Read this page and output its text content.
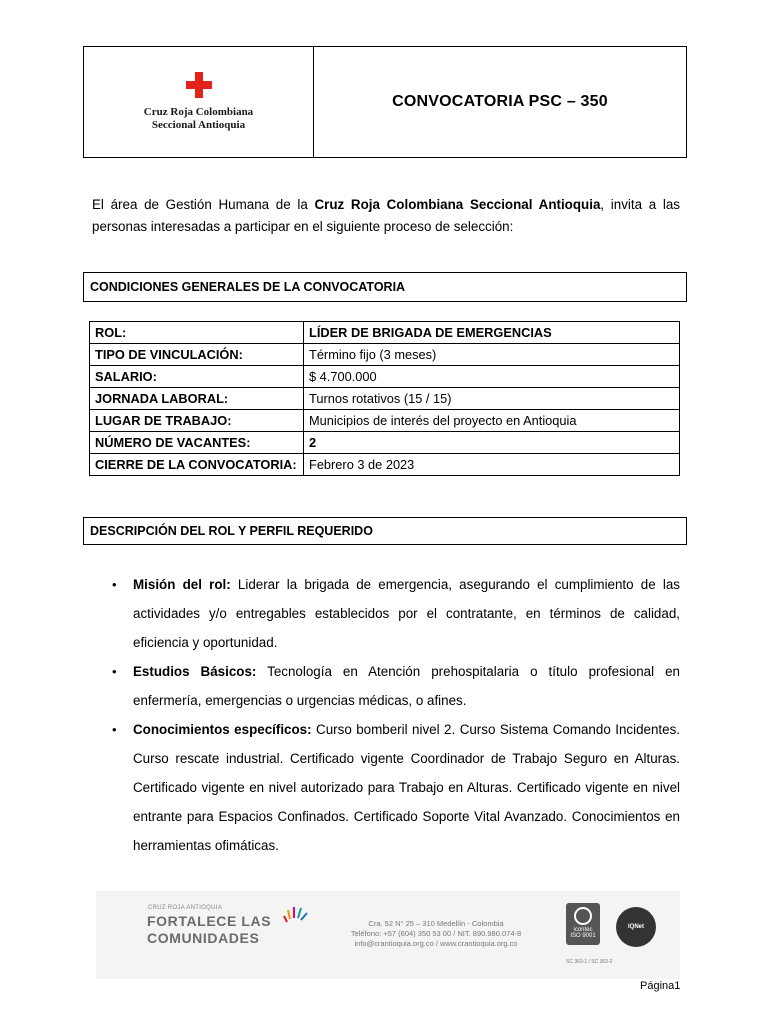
Cruz Roja Colombiana
Seccional Antioquia
CONVOCATORIA PSC – 350
El área de Gestión Humana de la Cruz Roja Colombiana Seccional Antioquia, invita a las personas interesadas a participar en el siguiente proceso de selección:
CONDICIONES GENERALES DE LA CONVOCATORIA
ROL:	LÍDER DE BRIGADA DE EMERGENCIAS
TIPO DE VINCULACIÓN:	Término fijo (3 meses)
SALARIO:	$ 4.700.000
JORNADA LABORAL:	Turnos rotativos (15 / 15)
LUGAR DE TRABAJO:	Municipios de interés del proyecto en Antioquia
NÚMERO DE VACANTES:	2
CIERRE DE LA CONVOCATORIA:	Febrero 3 de 2023
DESCRIPCIÓN DEL ROL Y PERFIL REQUERIDO
•	Misión del rol: Liderar la brigada de emergencia, asegurando el cumplimiento de las actividades y/o entregables establecidos por el contratante, en términos de calidad, eficiencia y oportunidad.
•	Estudios Básicos: Tecnología en Atención prehospitalaria o título profesional en enfermería, emergencias o urgencias médicas, o afines.
•	Conocimientos específicos: Curso bomberil nivel 2. Curso Sistema Comando Incidentes. Curso rescate industrial. Certificado vigente Coordinador de Trabajo Seguro en Alturas. Certificado vigente en nivel autorizado para Trabajo en Alturas. Certificado vigente en nivel entrante para Espacios Confinados. Certificado Soporte Vital Avanzado. Conocimientos en herramientas ofimáticas.
CRUZ ROJA ANTIOQUIA
FORTALECE LAS
COMUNIDADES
Cra. 52 N° 25 – 310 Medellín - Colombia
Teléfono: +57 (604) 350 53 00 / NIT. 890.980.074-8
info@crantioquia.org.co / www.crantioquia.org.co
icontec
ISO 9001
SC 363-1 / SC 363-2
IQNet
Página1
